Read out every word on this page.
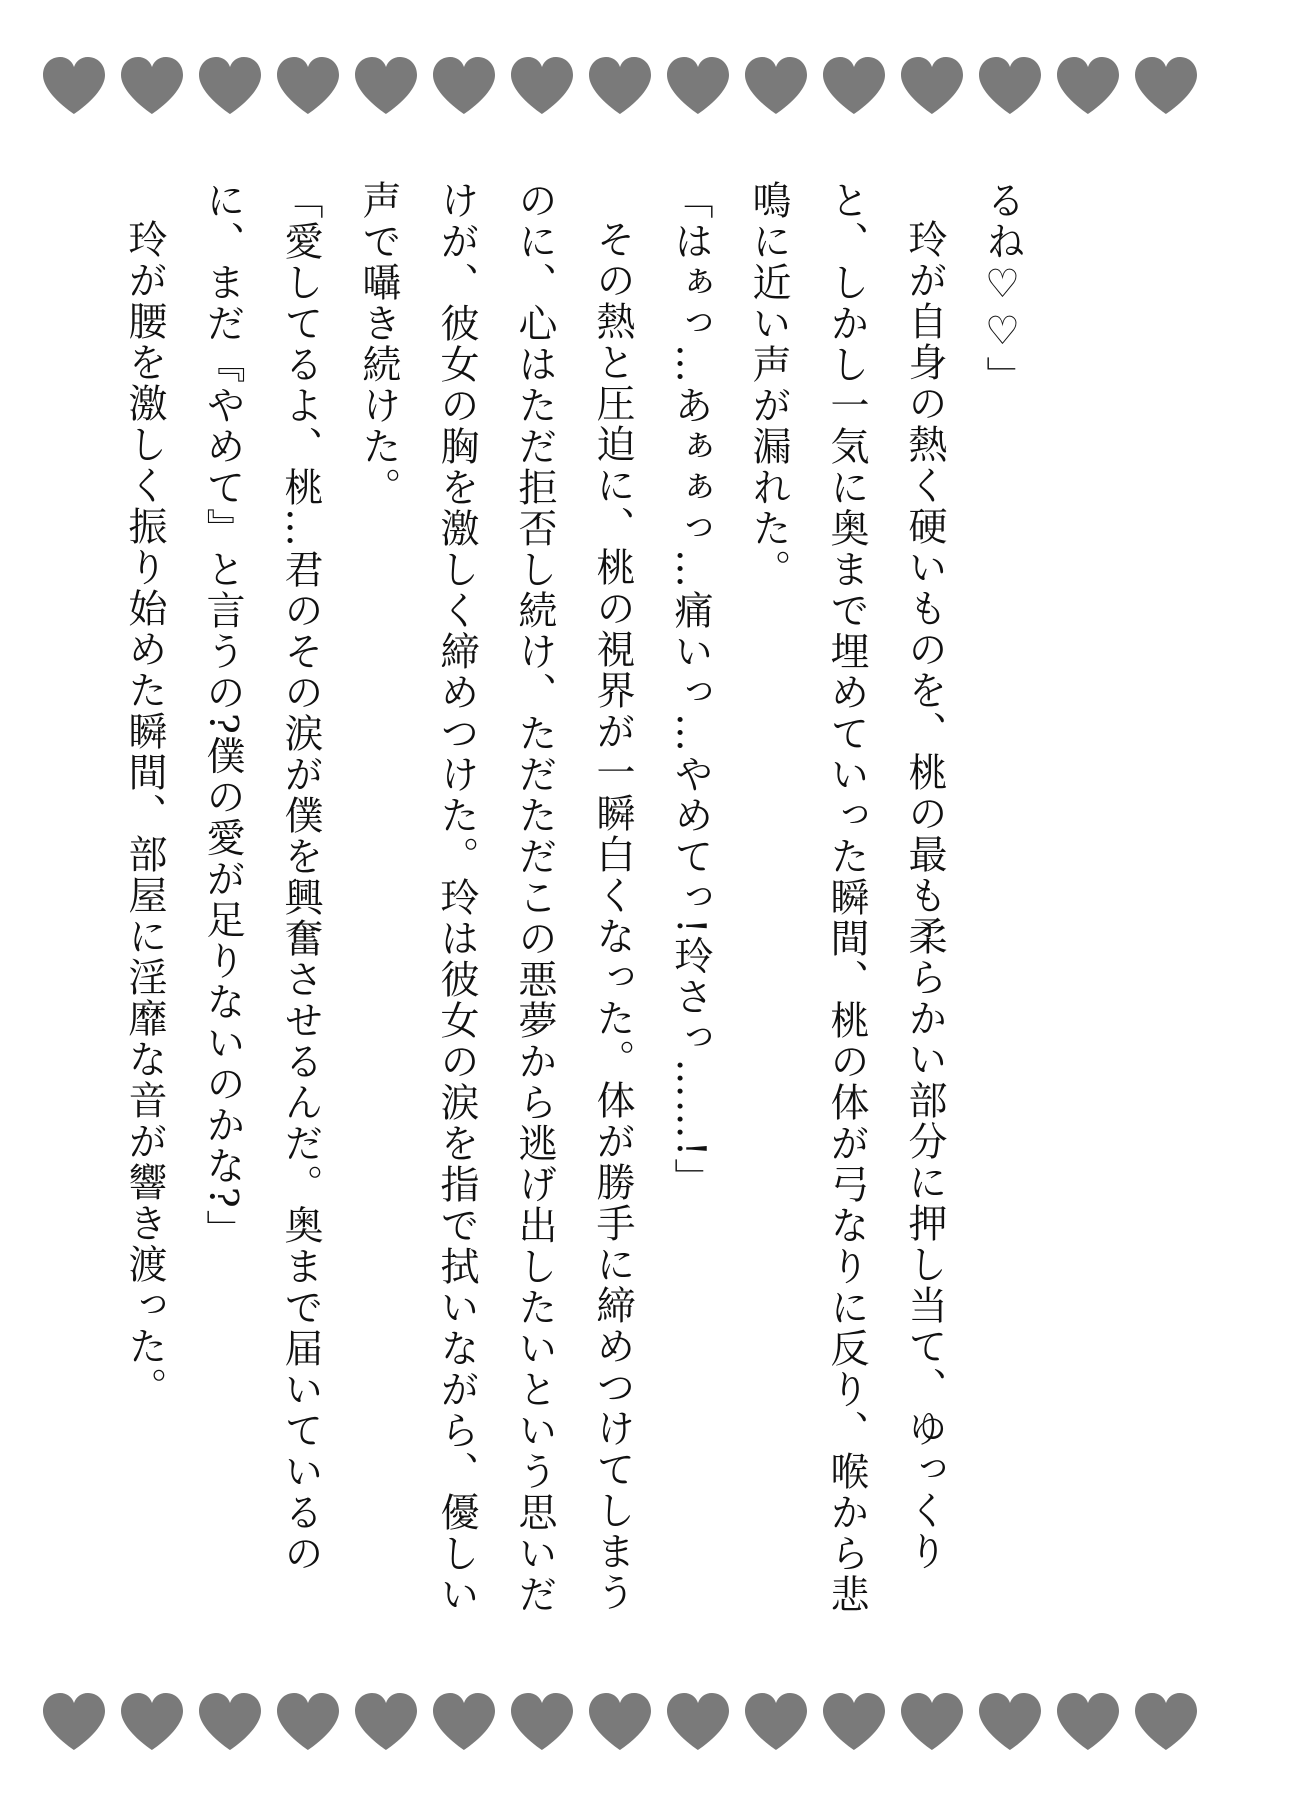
るね♡♡」

玲が自身の熱く硬いものを、桃の最も柔らかい部分に押し当て、ゆっくりと、しかし一気に奥まで埋めていった瞬間、桃の体が弓なりに反り、喉から悲鳴に近い声が漏れた。

「はぁっ…あぁぁっ…痛いっ…やめてっ!玲さっ……!」

その熱と圧迫に、桃の視界が一瞬白くなった。体が勝手に締めつけてしまうのに、心はただ拒否し続け、ただただこの悪夢から逃げ出したいという思いだけが、彼女の胸を激しく締めつけた。玲は彼女の涙を指で拭いながら、優しい声で囁き続けた。

「愛してるよ、桃…君のその涙が僕を興奮させるんだ。奥まで届いているのに、まだ『やめて』と言うの?僕の愛が足りないのかな?」

玲が腰を激しく振り始めた瞬間、部屋に淫靡な音が響き渡った。
